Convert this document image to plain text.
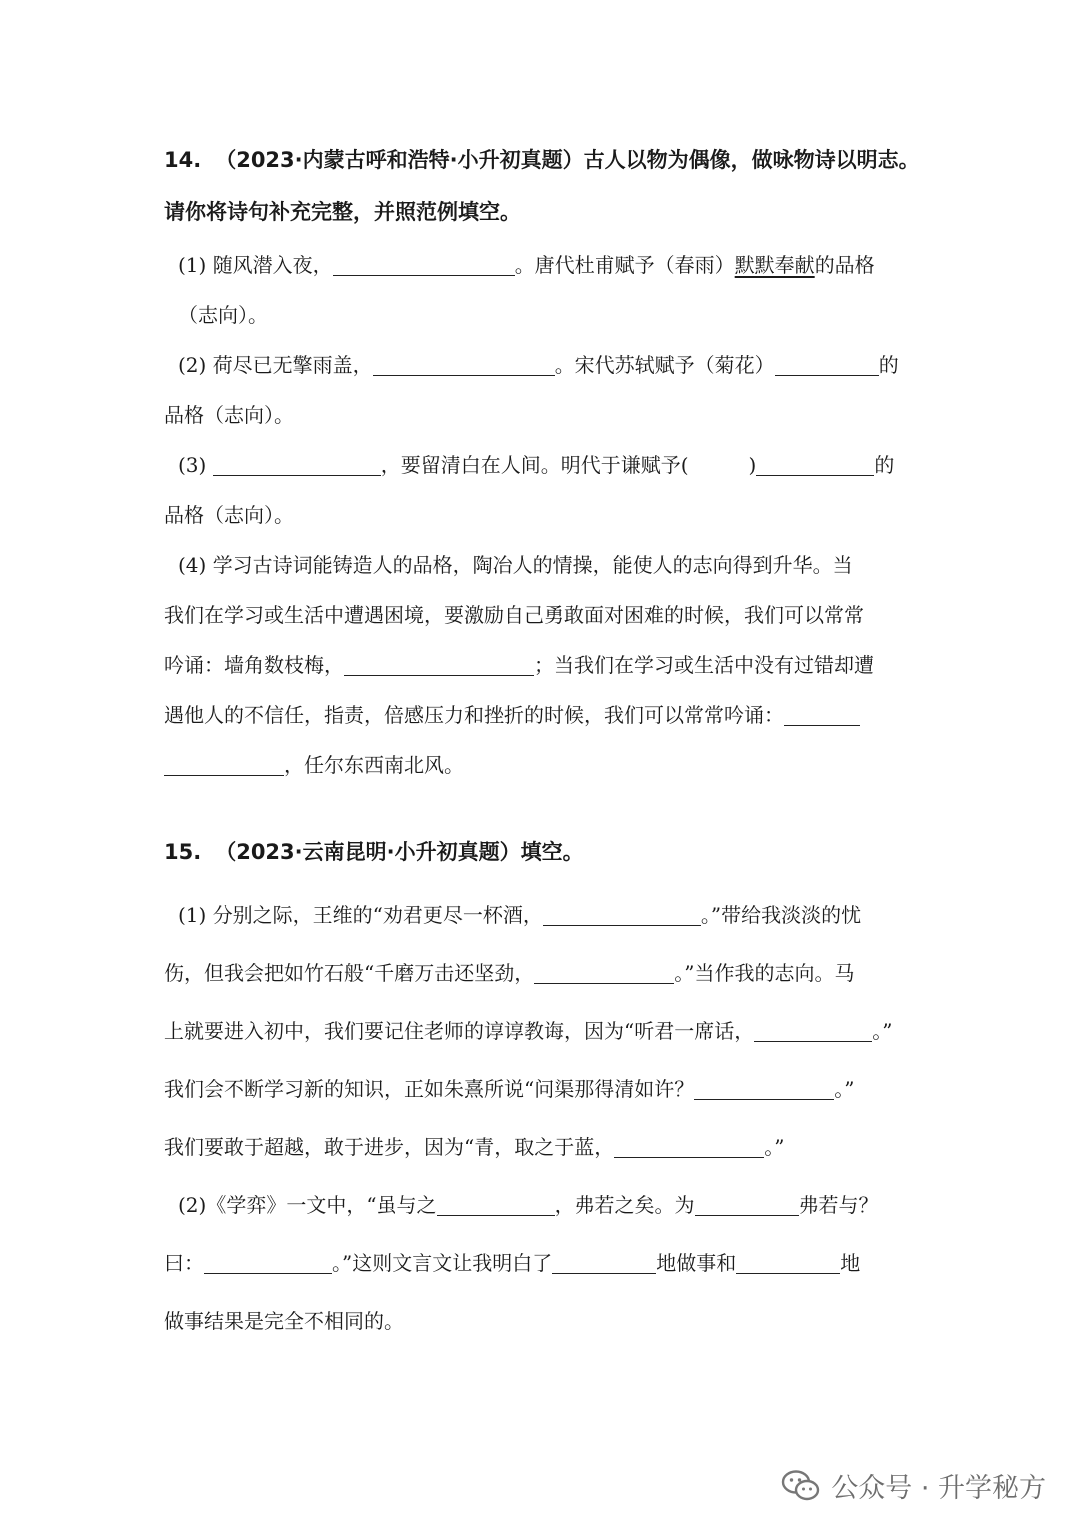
14. （2023·内蒙古呼和浩特·小升初真题）古人以物为偶像，做咏物诗以明志。
请你将诗句补充完整，并照范例填空。
(1) 随风潜入夜，	。唐代杜甫赋予（春雨）默默奉献的品格
（志向）。
(2) 荷尽已无擎雨盖，	。宋代苏轼赋予（菊花）	的
品格（志向）。
(3)	，要留清白在人间。明代于谦赋予(	)	的
品格（志向）。
(4) 学习古诗词能铸造人的品格，陶冶人的情操，能使人的志向得到升华。当
我们在学习或生活中遭遇困境，要激励自己勇敢面对困难的时候，我们可以常常
吟诵：墙角数枝梅，	；当我们在学习或生活中没有过错却遭
遇他人的不信任，指责，倍感压力和挫折的时候，我们可以常常吟诵：
，任尔东西南北风。
15. （2023·云南昆明·小升初真题）填空。
(1) 分别之际，王维的“劝君更尽一杯酒，	。”带给我淡淡的忧
伤，但我会把如竹石般“千磨万击还坚劲，	。”当作我的志向。马
上就要进入初中，我们要记住老师的谆谆教诲，因为“听君一席话，	。”
我们会不断学习新的知识，正如朱熹所说“问渠那得清如许？	。”
我们要敢于超越，敢于进步，因为“青，取之于蓝，	。”
(2)《学弈》一文中，“虽与之	，弗若之矣。为	弗若与？
曰：	。”这则文言文让我明白了	地做事和	地
做事结果是完全不相同的。
公众号 · 升学秘方
